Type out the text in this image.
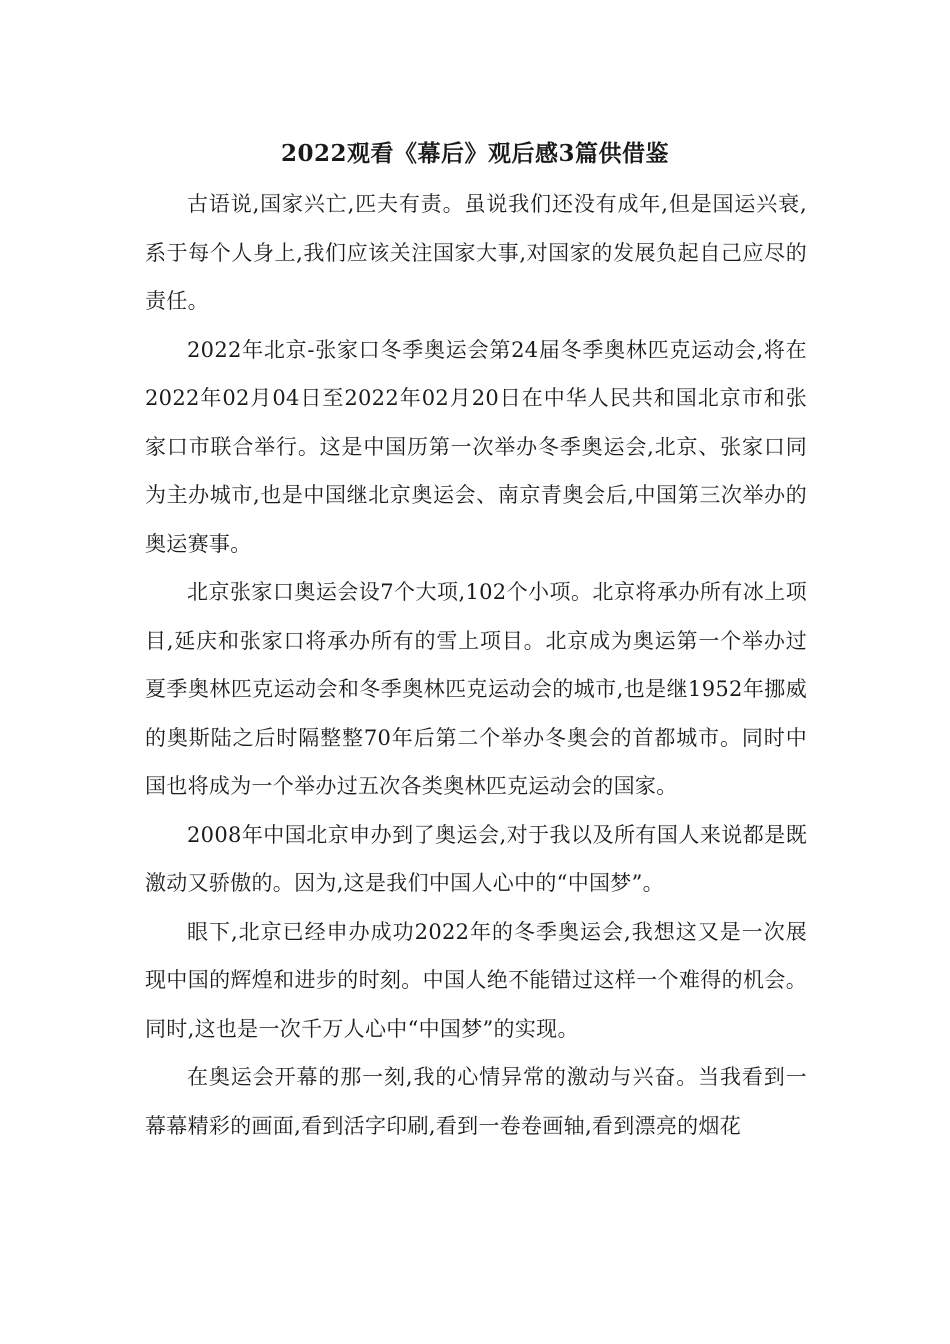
2022观看《幕后》观后感3篇供借鉴

古语说,国家兴亡,匹夫有责。虽说我们还没有成年,但是国运兴衰,系于每个人身上,我们应该关注国家大事,对国家的发展负起自己应尽的责任。

2022年北京-张家口冬季奥运会第24届冬季奥林匹克运动会,将在2022年02月04日至2022年02月20日在中华人民共和国北京市和张家口市联合举行。这是中国历第一次举办冬季奥运会,北京、张家口同为主办城市,也是中国继北京奥运会、南京青奥会后,中国第三次举办的奥运赛事。

北京张家口奥运会设7个大项,102个小项。北京将承办所有冰上项目,延庆和张家口将承办所有的雪上项目。北京成为奥运第一个举办过夏季奥林匹克运动会和冬季奥林匹克运动会的城市,也是继1952年挪威的奥斯陆之后时隔整整70年后第二个举办冬奥会的首都城市。同时中国也将成为一个举办过五次各类奥林匹克运动会的国家。

2008年中国北京申办到了奥运会,对于我以及所有国人来说都是既激动又骄傲的。因为,这是我们中国人心中的“中国梦”。

眼下,北京已经申办成功2022年的冬季奥运会,我想这又是一次展现中国的辉煌和进步的时刻。中国人绝不能错过这样一个难得的机会。同时,这也是一次千万人心中“中国梦”的实现。

在奥运会开幕的那一刻,我的心情异常的激动与兴奋。当我看到一幕幕精彩的画面,看到活字印刷,看到一卷卷画轴,看到漂亮的烟花
